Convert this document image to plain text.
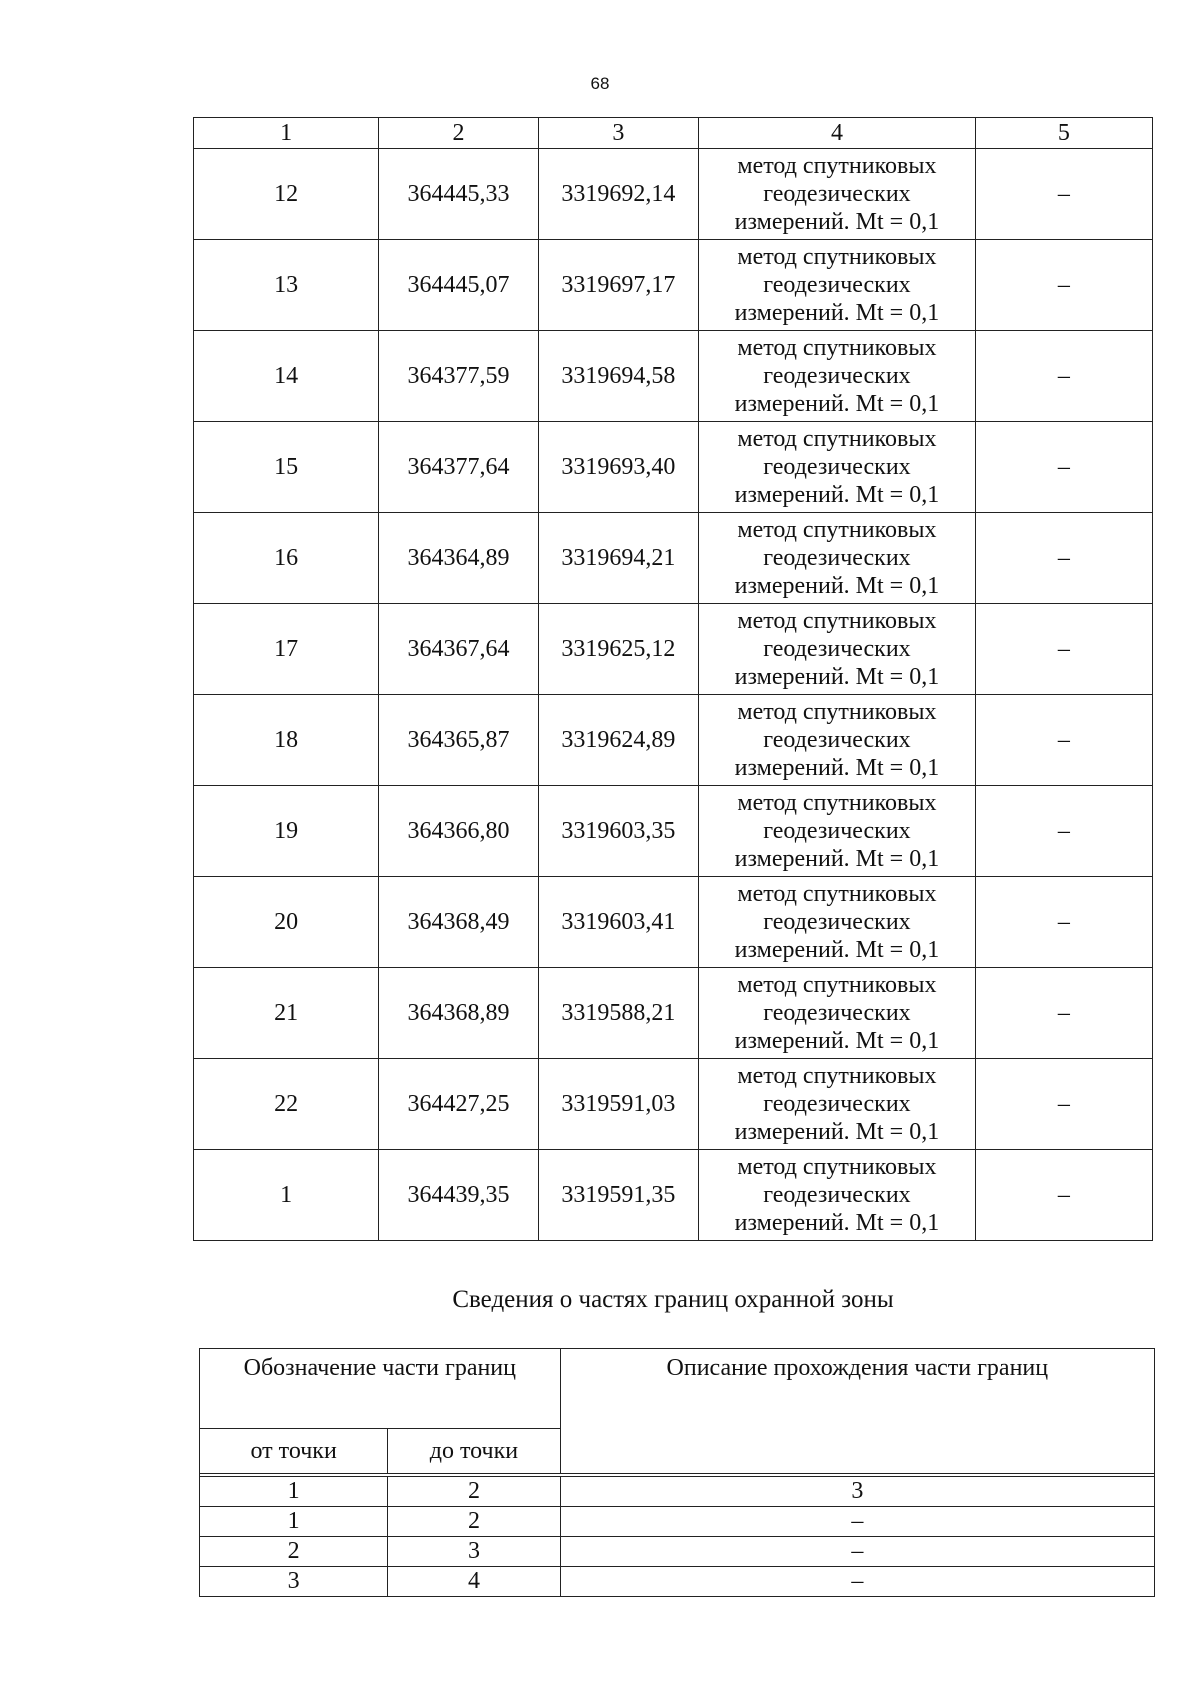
68
1	2	3	4	5
12	364445,33	3319692,14	метод спутниковых
геодезических
измерений. Mt = 0,1	–
13	364445,07	3319697,17	метод спутниковых
геодезических
измерений. Mt = 0,1	–
14	364377,59	3319694,58	метод спутниковых
геодезических
измерений. Mt = 0,1	–
15	364377,64	3319693,40	метод спутниковых
геодезических
измерений. Mt = 0,1	–
16	364364,89	3319694,21	метод спутниковых
геодезических
измерений. Mt = 0,1	–
17	364367,64	3319625,12	метод спутниковых
геодезических
измерений. Mt = 0,1	–
18	364365,87	3319624,89	метод спутниковых
геодезических
измерений. Mt = 0,1	–
19	364366,80	3319603,35	метод спутниковых
геодезических
измерений. Mt = 0,1	–
20	364368,49	3319603,41	метод спутниковых
геодезических
измерений. Mt = 0,1	–
21	364368,89	3319588,21	метод спутниковых
геодезических
измерений. Mt = 0,1	–
22	364427,25	3319591,03	метод спутниковых
геодезических
измерений. Mt = 0,1	–
1	364439,35	3319591,35	метод спутниковых
геодезических
измерений. Mt = 0,1	–
Сведения о частях границ охранной зоны
Обозначение части границ		Описание прохождения части границ
от точки	до точки	

1	2	3
1	2	–
2	3	–
3	4	–
